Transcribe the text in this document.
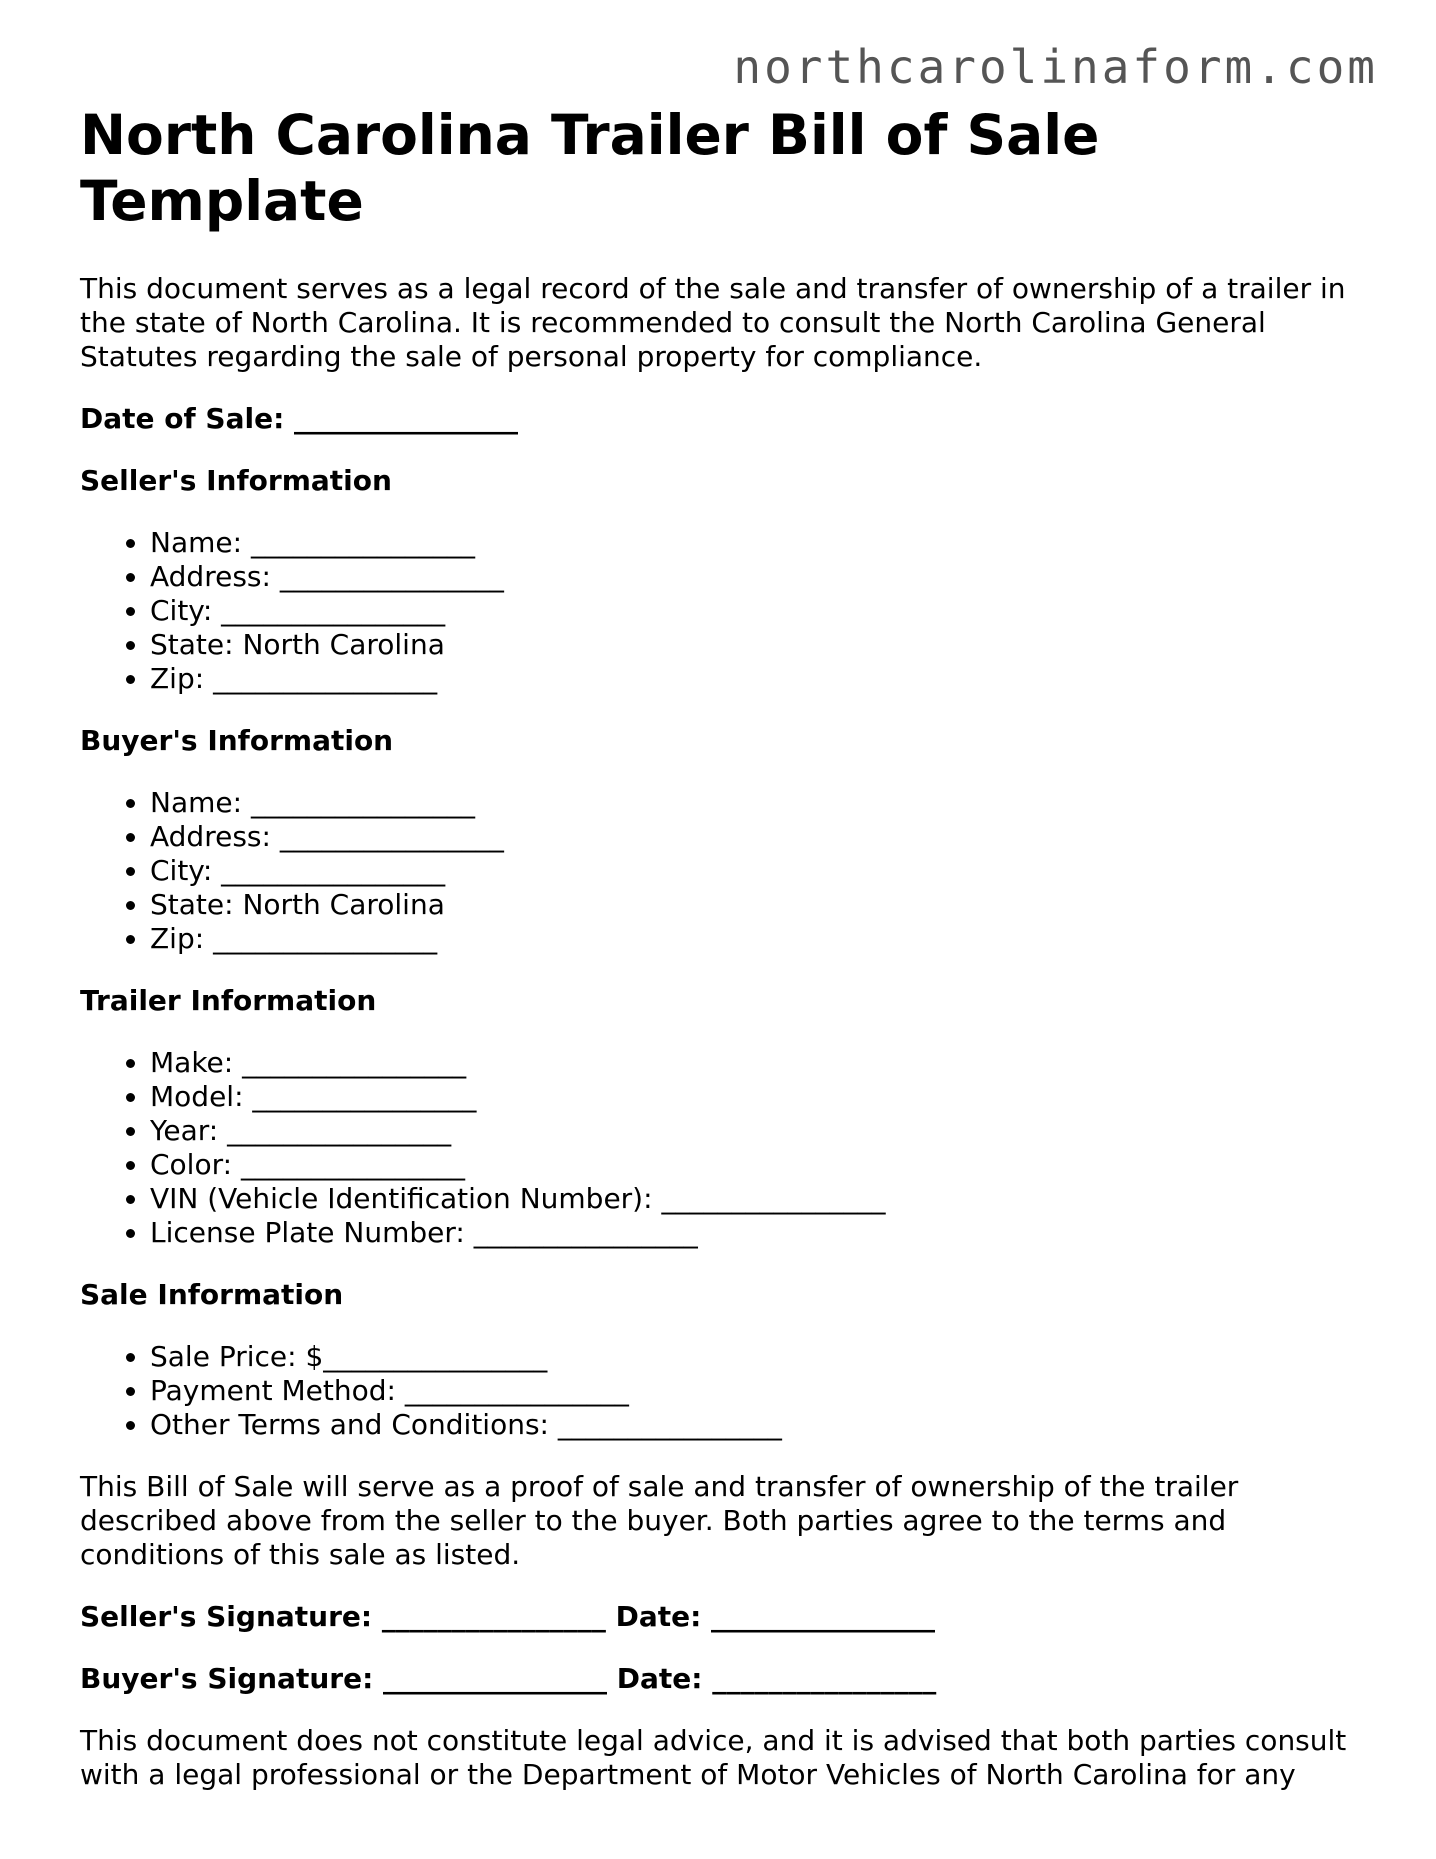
northcarolinaform.com
North Carolina Trailer Bill of Sale Template

This document serves as a legal record of the sale and transfer of ownership of a trailer in the state of North Carolina. It is recommended to consult the North Carolina General Statutes regarding the sale of personal property for compliance.

Date of Sale: ________________
Seller's Information
• Name: ________________
• Address: ________________
• City: ________________
• State: North Carolina
• Zip: ________________
Buyer's Information
• Name: ________________
• Address: ________________
• City: ________________
• State: North Carolina
• Zip: ________________
Trailer Information
• Make: ________________
• Model: ________________
• Year: ________________
• Color: ________________
• VIN (Vehicle Identification Number): ________________
• License Plate Number: ________________
Sale Information
• Sale Price: $________________
• Payment Method: ________________
• Other Terms and Conditions: ________________

This Bill of Sale will serve as a proof of sale and transfer of ownership of the trailer described above from the seller to the buyer. Both parties agree to the terms and conditions of this sale as listed.

Seller's Signature: ________________ Date: ________________
Buyer's Signature: ________________ Date: ________________

This document does not constitute legal advice, and it is advised that both parties consult with a legal professional or the Department of Motor Vehicles of North Carolina for any
